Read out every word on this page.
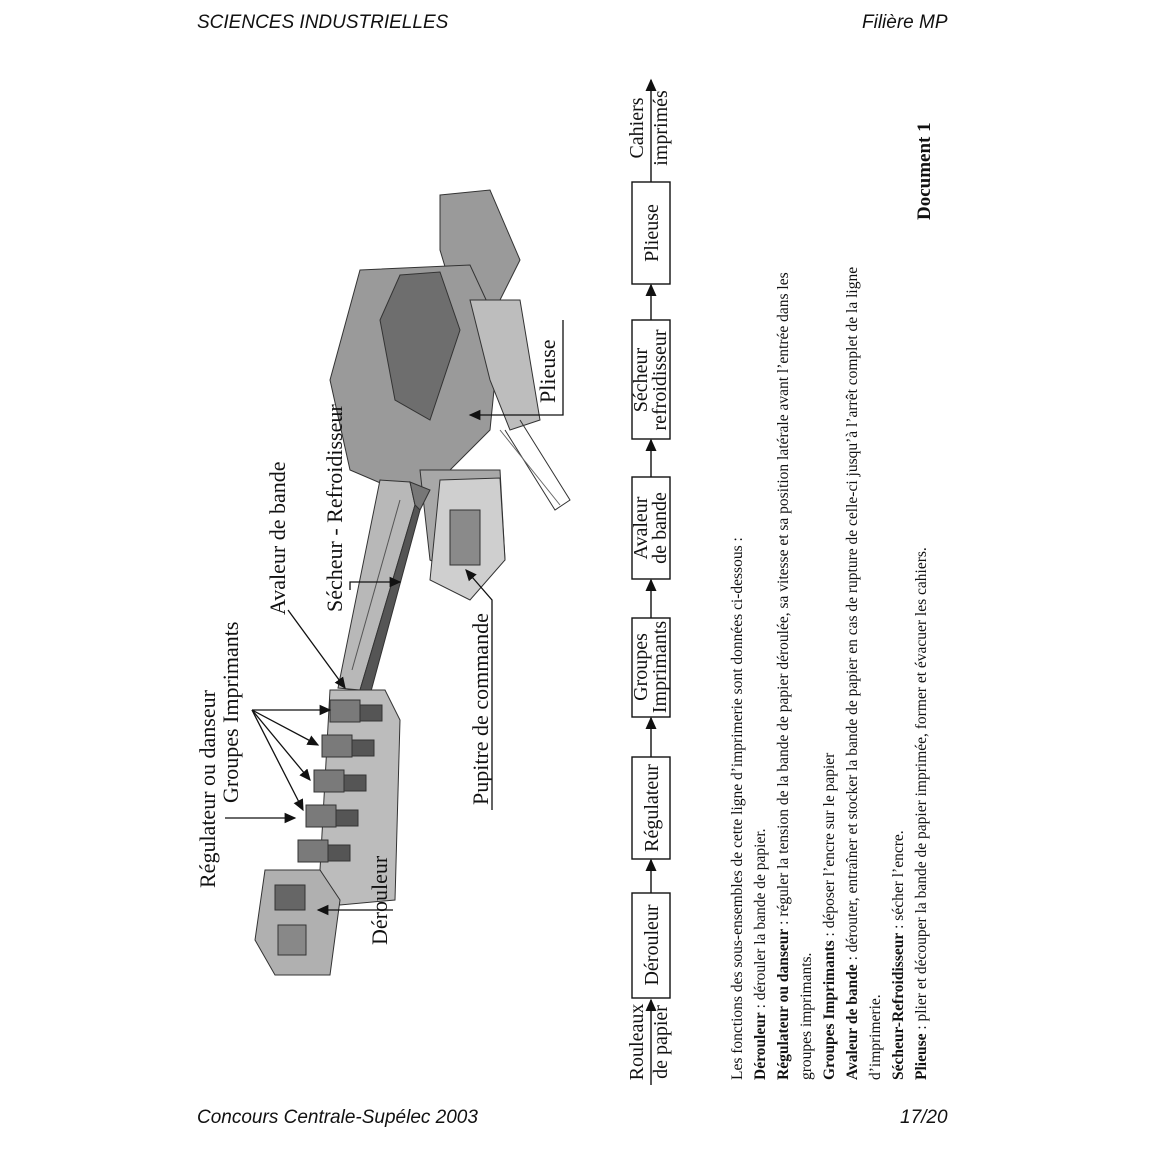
SCIENCES INDUSTRIELLES	Filière MP
Concours Centrale-Supélec 2003	17/20
Plieuse
Sécheur - Refroidisseur
Avaleur de bande
Groupes Imprimants
Régulateur ou danseur
Dérouleur
Pupitre de commande
Rouleaux de papier
Dérouleur
Régulateur
Groupes
Imprimants
Avaleur
de bande
Sécheur
refroidisseur
Plieuse
Cahiers imprimés
Les fonctions des sous-ensembles de cette ligne d’imprimerie sont données ci-dessous : Dérouleur : dérouler la bande de papier. Régulateur ou danseur : réguler la tension de la bande de papier déroulée, sa vitesse et sa position latérale avant l’entrée dans les
groupes imprimants. Groupes Imprimants : déposer l’encre sur le papier
Avaleur de bande : dérouter, entraîner et stocker la bande de papier en cas de rupture de celle-ci jusqu’à l’arrêt complet de la ligne
d’imprimerie. Sécheur-Refroidisseur : sécher l’encre.
Plieuse : plier et découper la bande de papier imprimée, former et évacuer les cahiers.
Document 1
